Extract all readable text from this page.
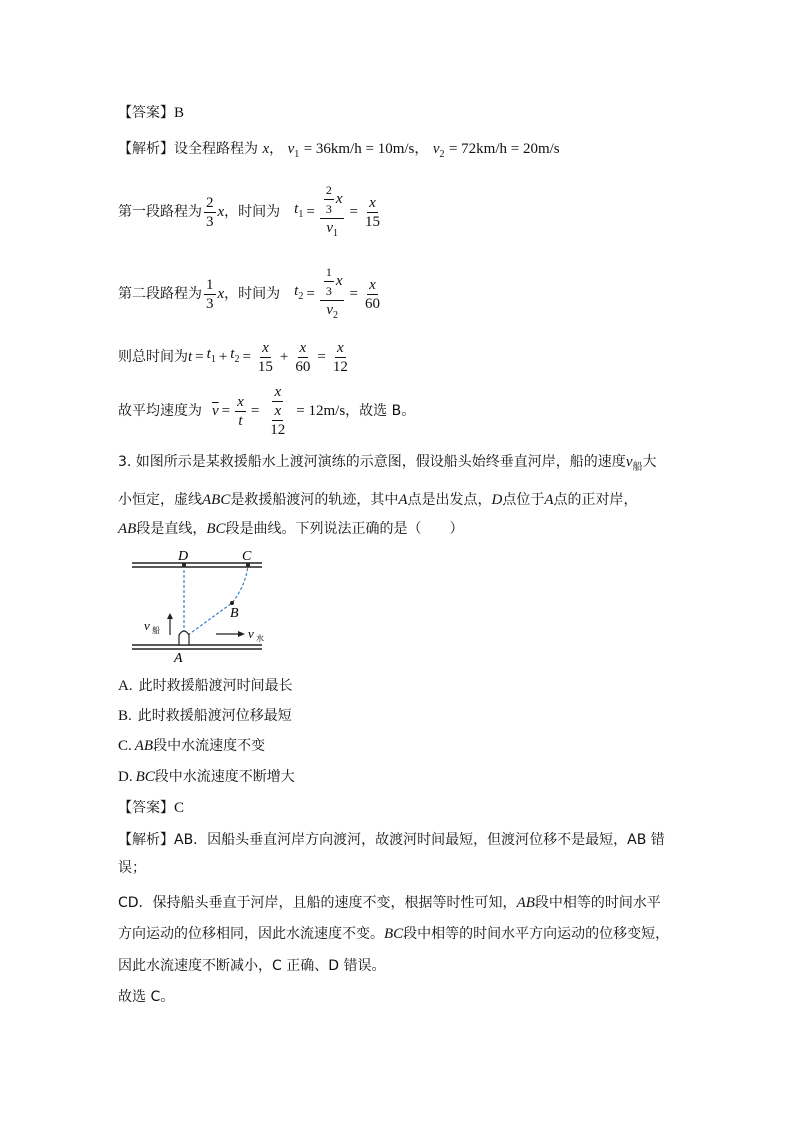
【答案】B
【解析】设全程路程为 x， $v_1 = 36km/h = 10m/s$， $v_2 = 72km/h = 20m/s$
第一段路程为 $\frac{2}{3}$ x ，时间为 $t_1 = \frac{\frac{2}{3} x}{v_1} = \frac{x}{15}$
第二段路程为 $\frac{1}{3}$ x ，时间为 $t_2 = \frac{\frac{1}{3} x}{v_2} = \frac{x}{60}$
则总时间为 $t = t_1 + t_2 = \frac{x}{15} + \frac{x}{60} = \frac{x}{12}$
故平均速度为 $\overline{v} = \frac{x}{t} = \frac{x}{\frac{x}{12}} = 12m/s$ ，故选 B。
3. 如图所示是某救援船水上渡河演练的示意图，假设船头始终垂直河岸，船的速度$v_船$大
小恒定，虚线ABC是救援船渡河的轨迹，其中A点是出发点，D点位于A点的正对岸，
AB段是直线，BC段是曲线。下列说法正确的是（　　）
D	C
B
A
v 船	v 水
A. 此时救援船渡河时间最长
B. 此时救援船渡河位移最短
C. AB段中水流速度不变
D. BC段中水流速度不断增大
【答案】C
【解析】AB．因船头垂直河岸方向渡河，故渡河时间最短，但渡河位移不是最短，AB 错
误；
CD．保持船头垂直于河岸，且船的速度不变，根据等时性可知，AB段中相等的时间水平
方向运动的位移相同，因此水流速度不变。BC段中相等的时间水平方向运动的位移变短，
因此水流速度不断减小，C 正确、D 错误。
故选 C。
